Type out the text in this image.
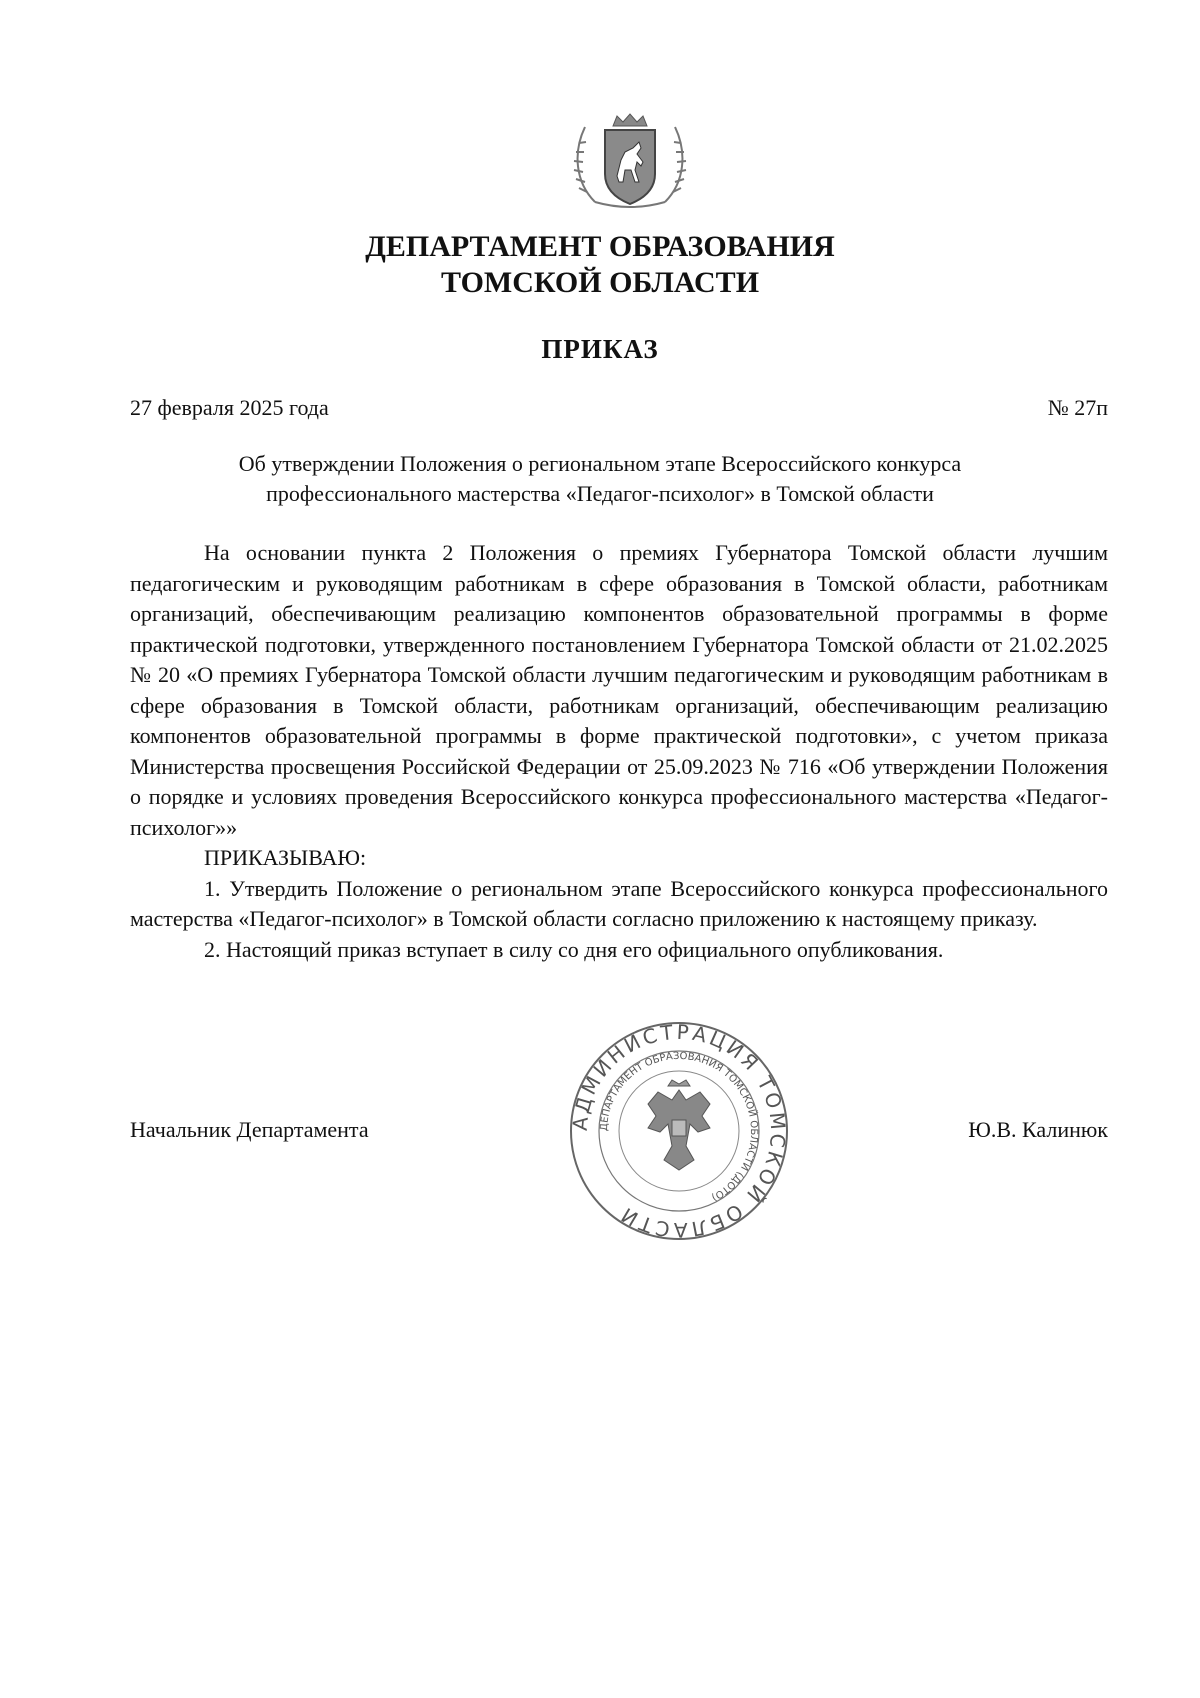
ДЕПАРТАМЕНТ ОБРАЗОВАНИЯ
ТОМСКОЙ ОБЛАСТИ
ПРИКАЗ
27 февраля 2025 года	№ 27п
Об утверждении Положения о региональном этапе Всероссийского конкурса
профессионального мастерства «Педагог-психолог» в Томской области

На основании пункта 2 Положения о премиях Губернатора Томской области лучшим педагогическим и руководящим работникам в сфере образования в Томской области, работникам организаций, обеспечивающим реализацию компонентов образовательной программы в форме практической подготовки, утвержденного постановлением Губернатора Томской области от 21.02.2025 № 20 «О премиях Губернатора Томской области лучшим педагогическим и руководящим работникам в сфере образования в Томской области, работникам организаций, обеспечивающим реализацию компонентов образовательной программы в форме практической подготовки», с учетом приказа Министерства просвещения Российской Федерации от 25.09.2023 № 716 «Об утверждении Положения о порядке и условиях проведения Всероссийского конкурса профессионального мастерства «Педагог-психолог»»

ПРИКАЗЫВАЮ:

1. Утвердить Положение о региональном этапе Всероссийского конкурса профессионального мастерства «Педагог-психолог» в Томской области согласно приложению к настоящему приказу.

2. Настоящий приказ вступает в силу со дня его официального опубликования.

АДМИНИСТРАЦИЯ ТОМСКОЙ ОБЛАСТИ
ДЕПАРТАМЕНТ ОБРАЗОВАНИЯ ТОМСКОЙ ОБЛАСТИ (ДОТО)
Начальник Департамента	Ю.В. Калинюк
